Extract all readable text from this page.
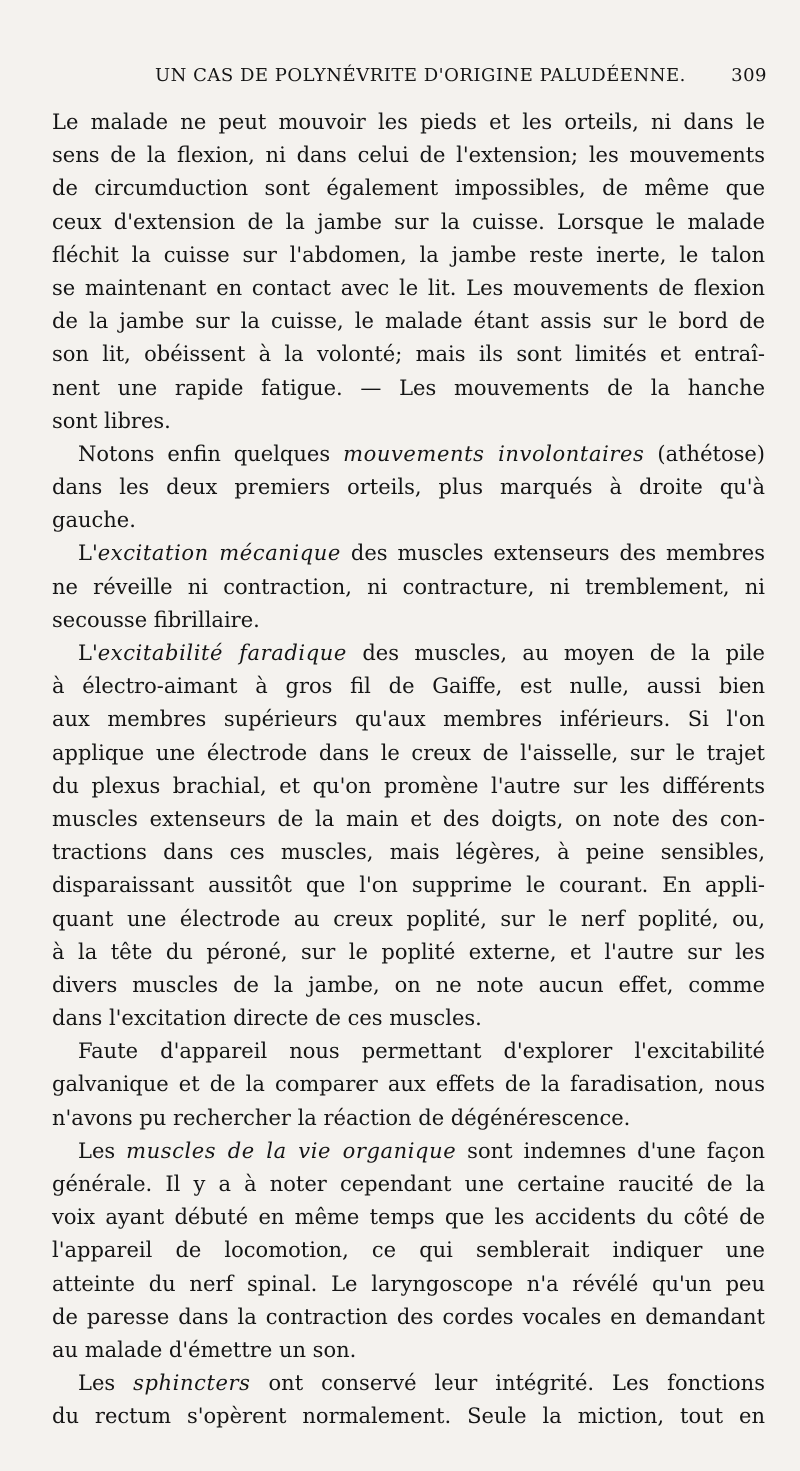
UN CAS DE POLYNÉVRITE D'ORIGINE PALUDÉENNE.	309
Le malade ne peut mouvoir les pieds et les orteils, ni dans le
sens de la flexion, ni dans celui de l'extension; les mouvements
de circumduction sont également impossibles, de même que
ceux d'extension de la jambe sur la cuisse. Lorsque le malade
fléchit la cuisse sur l'abdomen, la jambe reste inerte, le talon
se maintenant en contact avec le lit. Les mouvements de flexion
de la jambe sur la cuisse, le malade étant assis sur le bord de
son lit, obéissent à la volonté; mais ils sont limités et entraî-
nent une rapide fatigue. — Les mouvements de la hanche
sont libres.
Notons enfin quelques mouvements involontaires (athétose)
dans les deux premiers orteils, plus marqués à droite qu'à
gauche.
L'excitation mécanique des muscles extenseurs des membres
ne réveille ni contraction, ni contracture, ni tremblement, ni
secousse fibrillaire.
L'excitabilité faradique des muscles, au moyen de la pile
à électro-aimant à gros fil de Gaiffe, est nulle, aussi bien
aux membres supérieurs qu'aux membres inférieurs. Si l'on
applique une électrode dans le creux de l'aisselle, sur le trajet
du plexus brachial, et qu'on promène l'autre sur les différents
muscles extenseurs de la main et des doigts, on note des con-
tractions dans ces muscles, mais légères, à peine sensibles,
disparaissant aussitôt que l'on supprime le courant. En appli-
quant une électrode au creux poplité, sur le nerf poplité, ou,
à la tête du péroné, sur le poplité externe, et l'autre sur les
divers muscles de la jambe, on ne note aucun effet, comme
dans l'excitation directe de ces muscles.
Faute d'appareil nous permettant d'explorer l'excitabilité
galvanique et de la comparer aux effets de la faradisation, nous
n'avons pu rechercher la réaction de dégénérescence.
Les muscles de la vie organique sont indemnes d'une façon
générale. Il y a à noter cependant une certaine raucité de la
voix ayant débuté en même temps que les accidents du côté de
l'appareil de locomotion, ce qui semblerait indiquer une
atteinte du nerf spinal. Le laryngoscope n'a révélé qu'un peu
de paresse dans la contraction des cordes vocales en demandant
au malade d'émettre un son.
Les sphincters ont conservé leur intégrité. Les fonctions
du rectum s'opèrent normalement. Seule la miction, tout en
